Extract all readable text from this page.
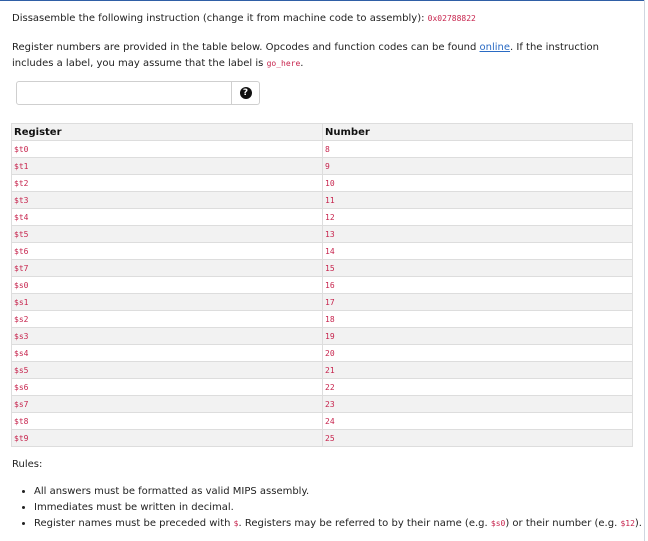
Dissasemble the following instruction (change it from machine code to assembly): 0x02788822
Register numbers are provided in the table below. Opcodes and function codes can be found online. If the instruction includes a label, you may assume that the label is go_here.
?
Register	Number
$t0	8
$t1	9
$t2	10
$t3	11
$t4	12
$t5	13
$t6	14
$t7	15
$s0	16
$s1	17
$s2	18
$s3	19
$s4	20
$s5	21
$s6	22
$s7	23
$t8	24
$t9	25
Rules:
• All answers must be formatted as valid MIPS assembly.
• Immediates must be written in decimal.
• Register names must be preceded with $. Registers may be referred to by their name (e.g. $s0) or their number (e.g. $12).
